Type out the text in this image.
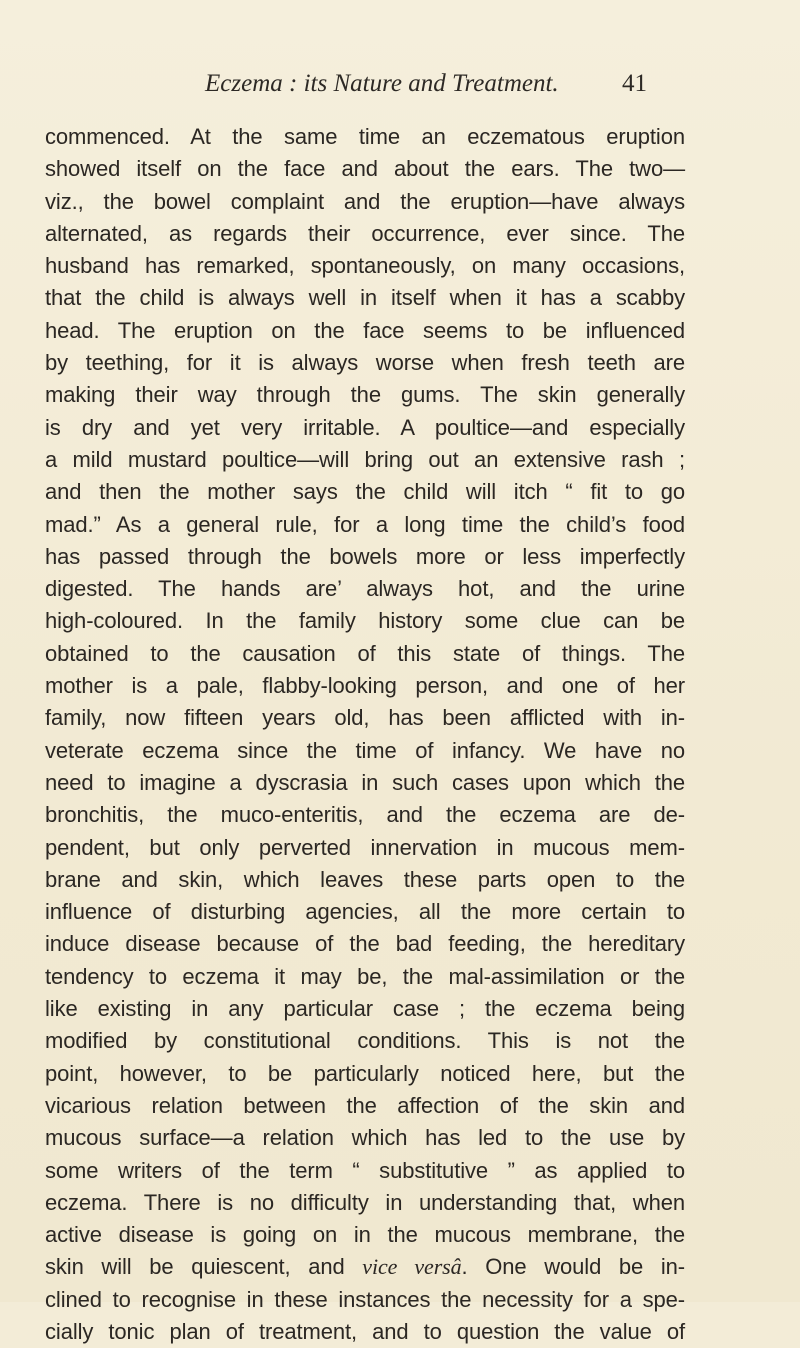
Eczema : its Nature and Treatment.	41
commenced. At the same time an eczematous eruption
showed itself on the face and about the ears. The two—
viz., the bowel complaint and the eruption—have always
alternated, as regards their occurrence, ever since. The
husband has remarked, spontaneously, on many occasions,
that the child is always well in itself when it has a scabby
head. The eruption on the face seems to be influenced
by teething, for it is always worse when fresh teeth are
making their way through the gums. The skin generally
is dry and yet very irritable. A poultice—and especially
a mild mustard poultice—will bring out an extensive rash ;
and then the mother says the child will itch “ fit to go
mad.” As a general rule, for a long time the child’s food
has passed through the bowels more or less imperfectly
digested. The hands are’ always hot, and the urine
high-coloured. In the family history some clue can be
obtained to the causation of this state of things. The
mother is a pale, flabby-looking person, and one of her
family, now fifteen years old, has been afflicted with in-
veterate eczema since the time of infancy. We have no
need to imagine a dyscrasia in such cases upon which the
bronchitis, the muco-enteritis, and the eczema are de-
pendent, but only perverted innervation in mucous mem-
brane and skin, which leaves these parts open to the
influence of disturbing agencies, all the more certain to
induce disease because of the bad feeding, the hereditary
tendency to eczema it may be, the mal-assimilation or the
like existing in any particular case ; the eczema being
modified by constitutional conditions. This is not the
point, however, to be particularly noticed here, but the
vicarious relation between the affection of the skin and
mucous surface—a relation which has led to the use by
some writers of the term “ substitutive ” as applied to
eczema. There is no difficulty in understanding that, when
active disease is going on in the mucous membrane, the
skin will be quiescent, and vice versâ. One would be in-
clined to recognise in these instances the necessity for a spe-
cially tonic plan of treatment, and to question the value of
